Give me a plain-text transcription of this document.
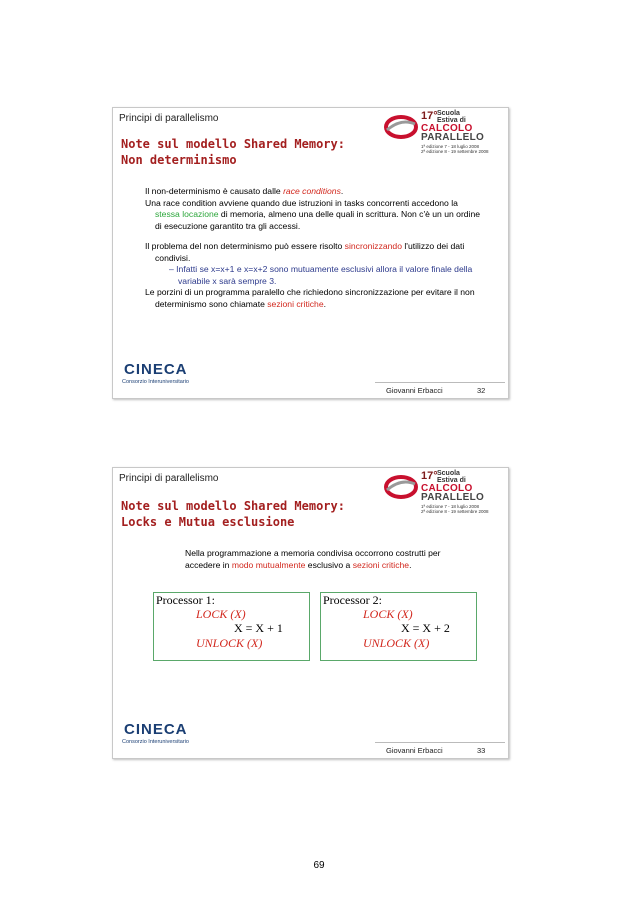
Principi di parallelismo	17° Scuola
Estiva di
CALCOLO
PARALLELO
1ª edizione 7 - 18 luglio 2008
2ª edizione 8 - 19 settembre 2008
Note sul modello Shared Memory:
Non determinismo

Il non-determinismo è causato dalle race conditions.

Una race condition avviene quando due istruzioni in tasks concorrenti accedono la stessa locazione di memoria, almeno una delle quali in scrittura. Non c'è un un ordine di esecuzione garantito tra gli accessi.

Il problema del non determinismo può essere risolto sincronizzando l'utilizzo dei dati condivisi.

– Infatti se x=x+1 e x=x+2 sono mutuamente esclusivi allora il valore finale della variabile x sarà sempre 3.

Le porzini di un programma paralello che richiedono sincronizzazione per evitare il non determinismo sono chiamate sezioni critiche.

CINECA
Consorzio Interuniversitario
Giovanni Erbacci	32
Principi di parallelismo	17° Scuola
Estiva di
CALCOLO
PARALLELO
1ª edizione 7 - 18 luglio 2008
2ª edizione 8 - 19 settembre 2008
Note sul modello Shared Memory:
Locks e Mutua esclusione
Nella programmazione a memoria condivisa occorrono costrutti per accedere in modo mutualmente esclusivo a sezioni critiche.
Processor 1:
LOCK (X)
X = X + 1
UNLOCK (X)
Processor 2:
LOCK (X)
X = X + 2
UNLOCK (X)
CINECA
Consorzio Interuniversitario
Giovanni Erbacci	33
69
